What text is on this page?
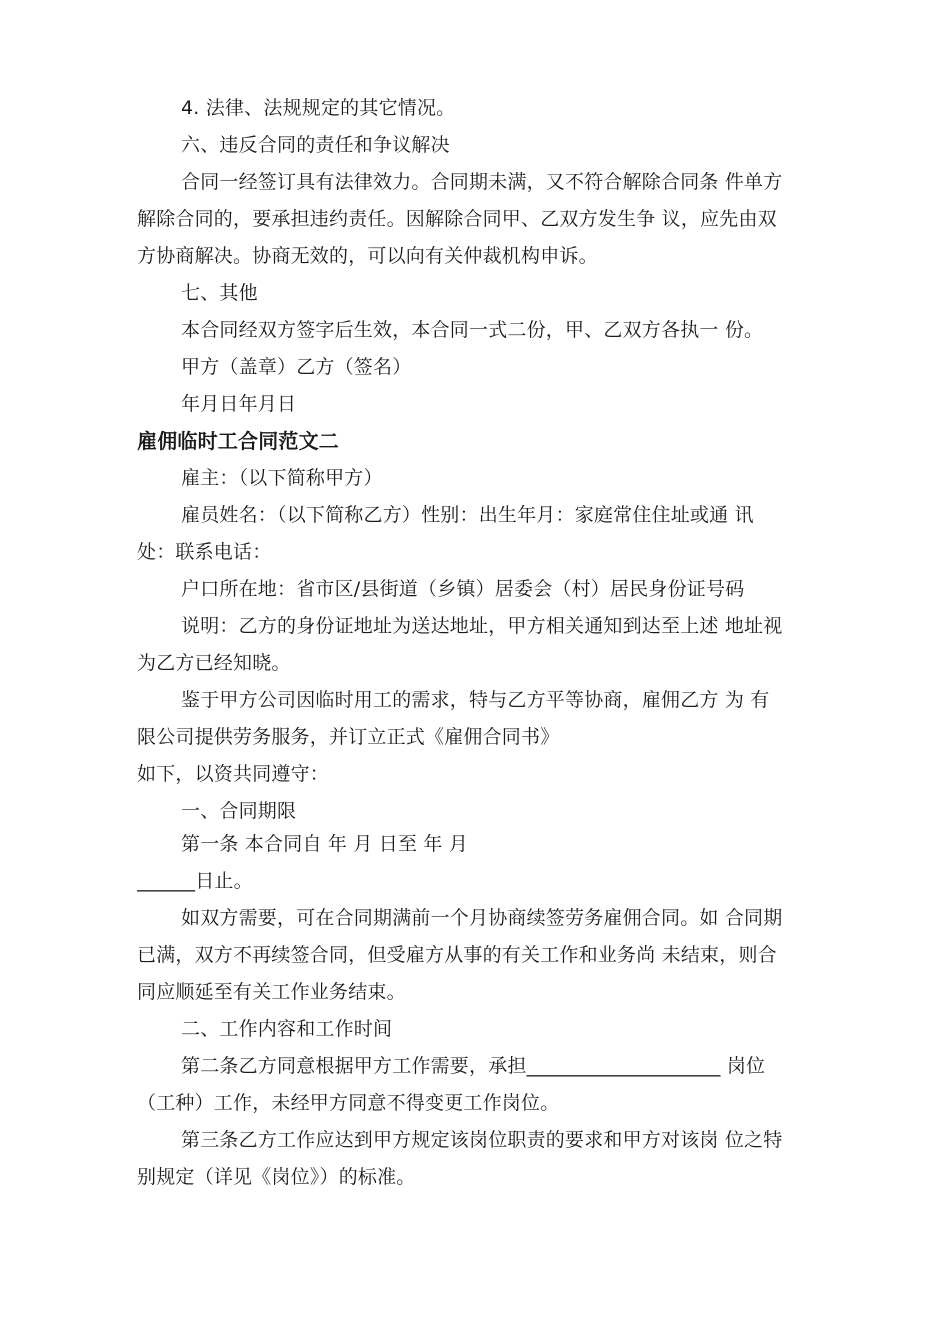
4. 法律、法规规定的其它情况。
六、违反合同的责任和争议解决
合同一经签订具有法律效力。合同期未满，又不符合解除合同条 件单方
解除合同的，要承担违约责任。因解除合同甲、乙双方发生争 议，应先由双
方协商解决。协商无效的，可以向有关仲裁机构申诉。
七、其他
本合同经双方签字后生效，本合同一式二份，甲、乙双方各执一 份。
甲方（盖章）乙方（签名）
年月日年月日
雇佣临时工合同范文二
雇主：（以下简称甲方）
雇员姓名：（以下简称乙方）性别：出生年月：家庭常住住址或通 讯
处：联系电话：
户口所在地：省市区/县街道（乡镇）居委会（村）居民身份证号码
说明：乙方的身份证地址为送达地址，甲方相关通知到达至上述 地址视
为乙方已经知晓。
鉴于甲方公司因临时用工的需求，特与乙方平等协商，雇佣乙方 为 有
限公司提供劳务服务，并订立正式《雇佣合同书》
如下，以资共同遵守：
一、合同期限
第一条 本合同自 年 月 日至 年 月
______日止。
如双方需要，可在合同期满前一个月协商续签劳务雇佣合同。如 合同期
已满，双方不再续签合同，但受雇方从事的有关工作和业务尚 未结束，则合
同应顺延至有关工作业务结束。
二、工作内容和工作时间
第二条乙方同意根据甲方工作需要，承担____________________ 岗位
（工种）工作，未经甲方同意不得变更工作岗位。
第三条乙方工作应达到甲方规定该岗位职责的要求和甲方对该岗 位之特
别规定（详见《岗位》）的标准。
